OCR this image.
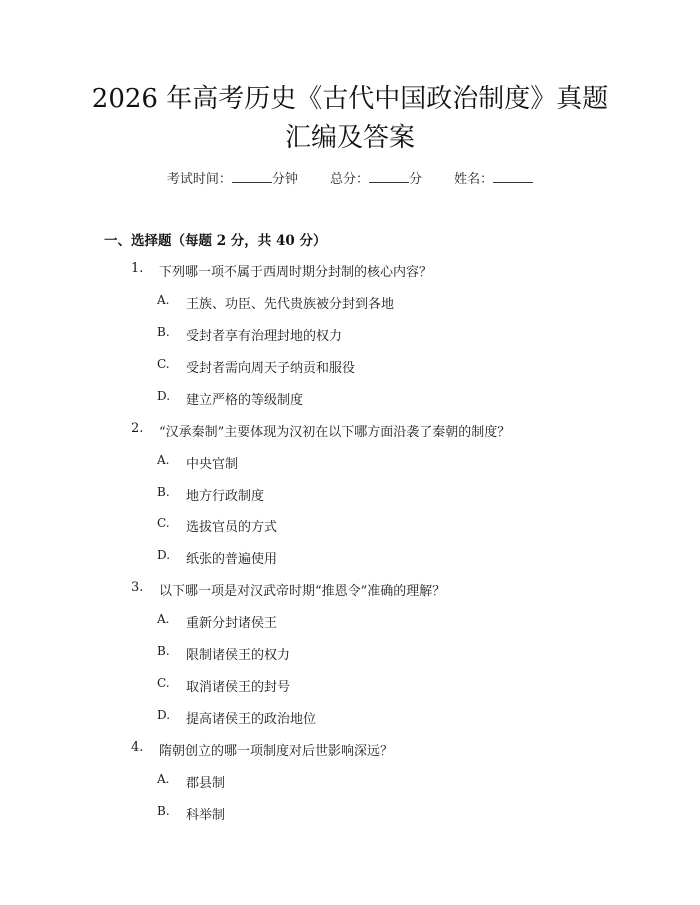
2026 年高考历史《古代中国政治制度》真题
汇编及答案
考试时间：	分钟 总分：	分 姓名：
一、选择题（每题 2 分，共 40 分）
1.	下列哪一项不属于西周时期分封制的核心内容？
A. 王族、功臣、先代贵族被分封到各地
B. 受封者享有治理封地的权力
C. 受封者需向周天子纳贡和服役
D. 建立严格的等级制度
2.	“汉承秦制”主要体现为汉初在以下哪方面沿袭了秦朝的制度？
A. 中央官制
B. 地方行政制度
C. 选拔官员的方式
D. 纸张的普遍使用
3.	以下哪一项是对汉武帝时期“推恩令”准确的理解？
A. 重新分封诸侯王
B. 限制诸侯王的权力
C. 取消诸侯王的封号
D. 提高诸侯王的政治地位
4.	隋朝创立的哪一项制度对后世影响深远？
A. 郡县制
B. 科举制
